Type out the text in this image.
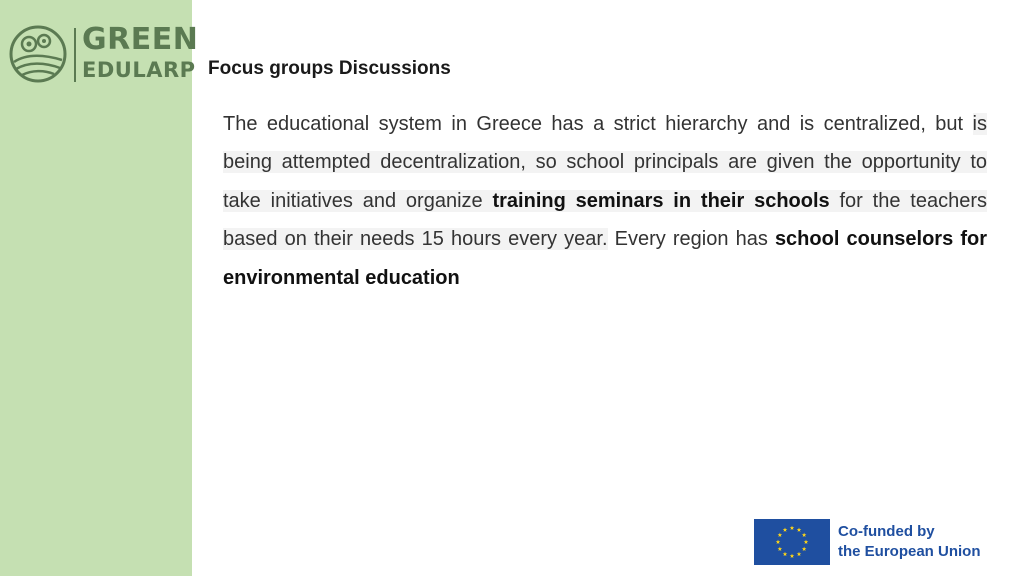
GREEN
EDULARP Focus groups Discussions
The educational system in Greece has a strict hierarchy and is centralized, but is being attempted decentralization, so school principals are given the opportunity to take initiatives and organize training seminars in their schools for the teachers based on their needs 15 hours every year. Every region has school counselors for environmental education
Co-funded by
the European Union
